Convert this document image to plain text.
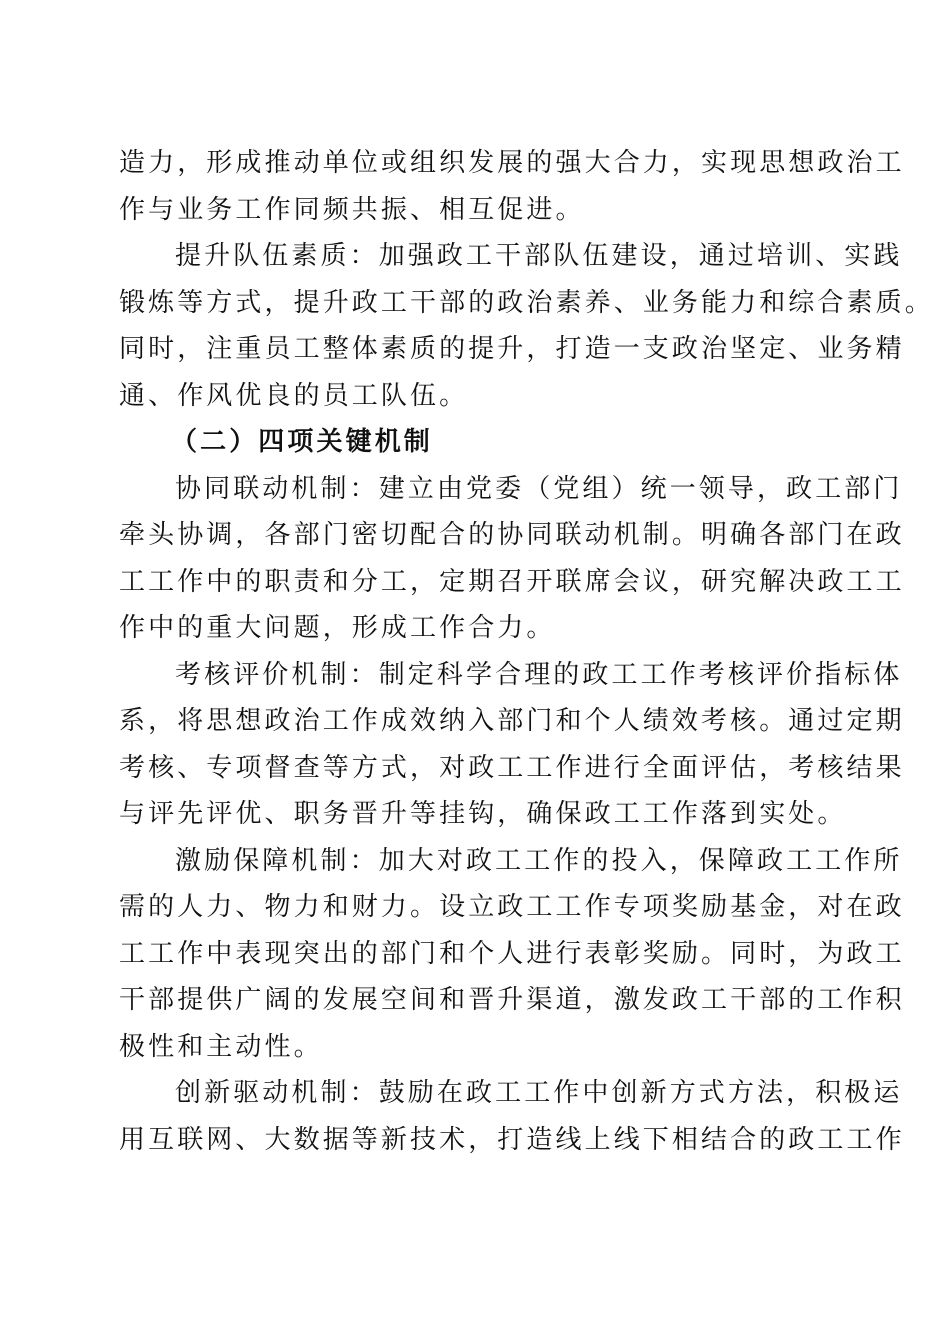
造力，形成推动单位或组织发展的强大合力，实现思想政治工
作与业务工作同频共振、相互促进。
提升队伍素质：加强政工干部队伍建设，通过培训、实践
锻炼等方式，提升政工干部的政治素养、业务能力和综合素质。
同时，注重员工整体素质的提升，打造一支政治坚定、业务精
通、作风优良的员工队伍。
（二）四项关键机制
协同联动机制：建立由党委（党组）统一领导，政工部门
牵头协调，各部门密切配合的协同联动机制。明确各部门在政
工工作中的职责和分工，定期召开联席会议，研究解决政工工
作中的重大问题，形成工作合力。
考核评价机制：制定科学合理的政工工作考核评价指标体
系，将思想政治工作成效纳入部门和个人绩效考核。通过定期
考核、专项督查等方式，对政工工作进行全面评估，考核结果
与评先评优、职务晋升等挂钩，确保政工工作落到实处。
激励保障机制：加大对政工工作的投入，保障政工工作所
需的人力、物力和财力。设立政工工作专项奖励基金，对在政
工工作中表现突出的部门和个人进行表彰奖励。同时，为政工
干部提供广阔的发展空间和晋升渠道，激发政工干部的工作积
极性和主动性。
创新驱动机制：鼓励在政工工作中创新方式方法，积极运
用互联网、大数据等新技术，打造线上线下相结合的政工工作
